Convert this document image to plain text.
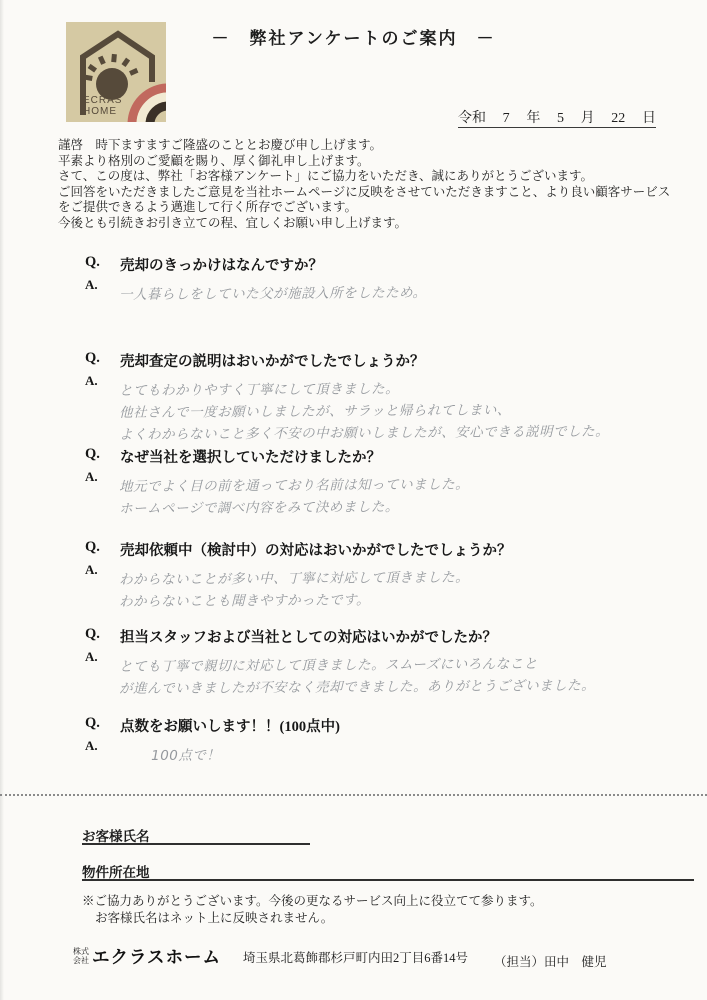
ECRAS
HOME
－　弊社アンケートのご案内　－
令和 7 年 5 月 22 日
謹啓　時下ますますご隆盛のこととお慶び申し上げます。
平素より格別のご愛顧を賜り、厚く御礼申し上げます。
さて、この度は、弊社「お客様アンケート」にご協力をいただき、誠にありがとうございます。
ご回答をいただきましたご意見を当社ホームページに反映をさせていただきますこと、より良い顧客サービス
をご提供できるよう邁進して行く所存でございます。
今後とも引続きお引き立ての程、宜しくお願い申し上げます。
Q.	売却のきっかけはなんですか？
A.
一人暮らしをしていた父が施設入所をしたため。
Q.	売却査定の説明はおいかがでしたでしょうか？
A.
とてもわかりやすく丁寧にして頂きました。
他社さんで一度お願いしましたが、サラッと帰られてしまい、
よくわからないこと多く不安の中お願いしましたが、安心できる説明でした。
Q.	なぜ当社を選択していただけましたか？
A.
地元でよく目の前を通っており名前は知っていました。
ホームページで調べ内容をみて決めました。
Q.	売却依頼中（検討中）の対応はおいかがでしたでしょうか？
A.
わからないことが多い中、丁寧に対応して頂きました。
わからないことも聞きやすかったです。
Q.	担当スタッフおよび当社としての対応はいかがでしたか？
A.	とても丁寧で親切に対応して頂きました。スムーズにいろんなこと
が進んでいきましたが不安なく売却できました。ありがとうございました。
Q.	点数をお願いします！！(100点中)
A.
100点で！
お客様氏名
物件所在地
※ご協力ありがとうございます。今後の更なるサービス向上に役立てて参ります。
お客様氏名はネット上に反映されません。
株式
会社 エクラスホーム 埼玉県北葛飾郡杉戸町内田2丁目6番14号 （担当）田中　健児
